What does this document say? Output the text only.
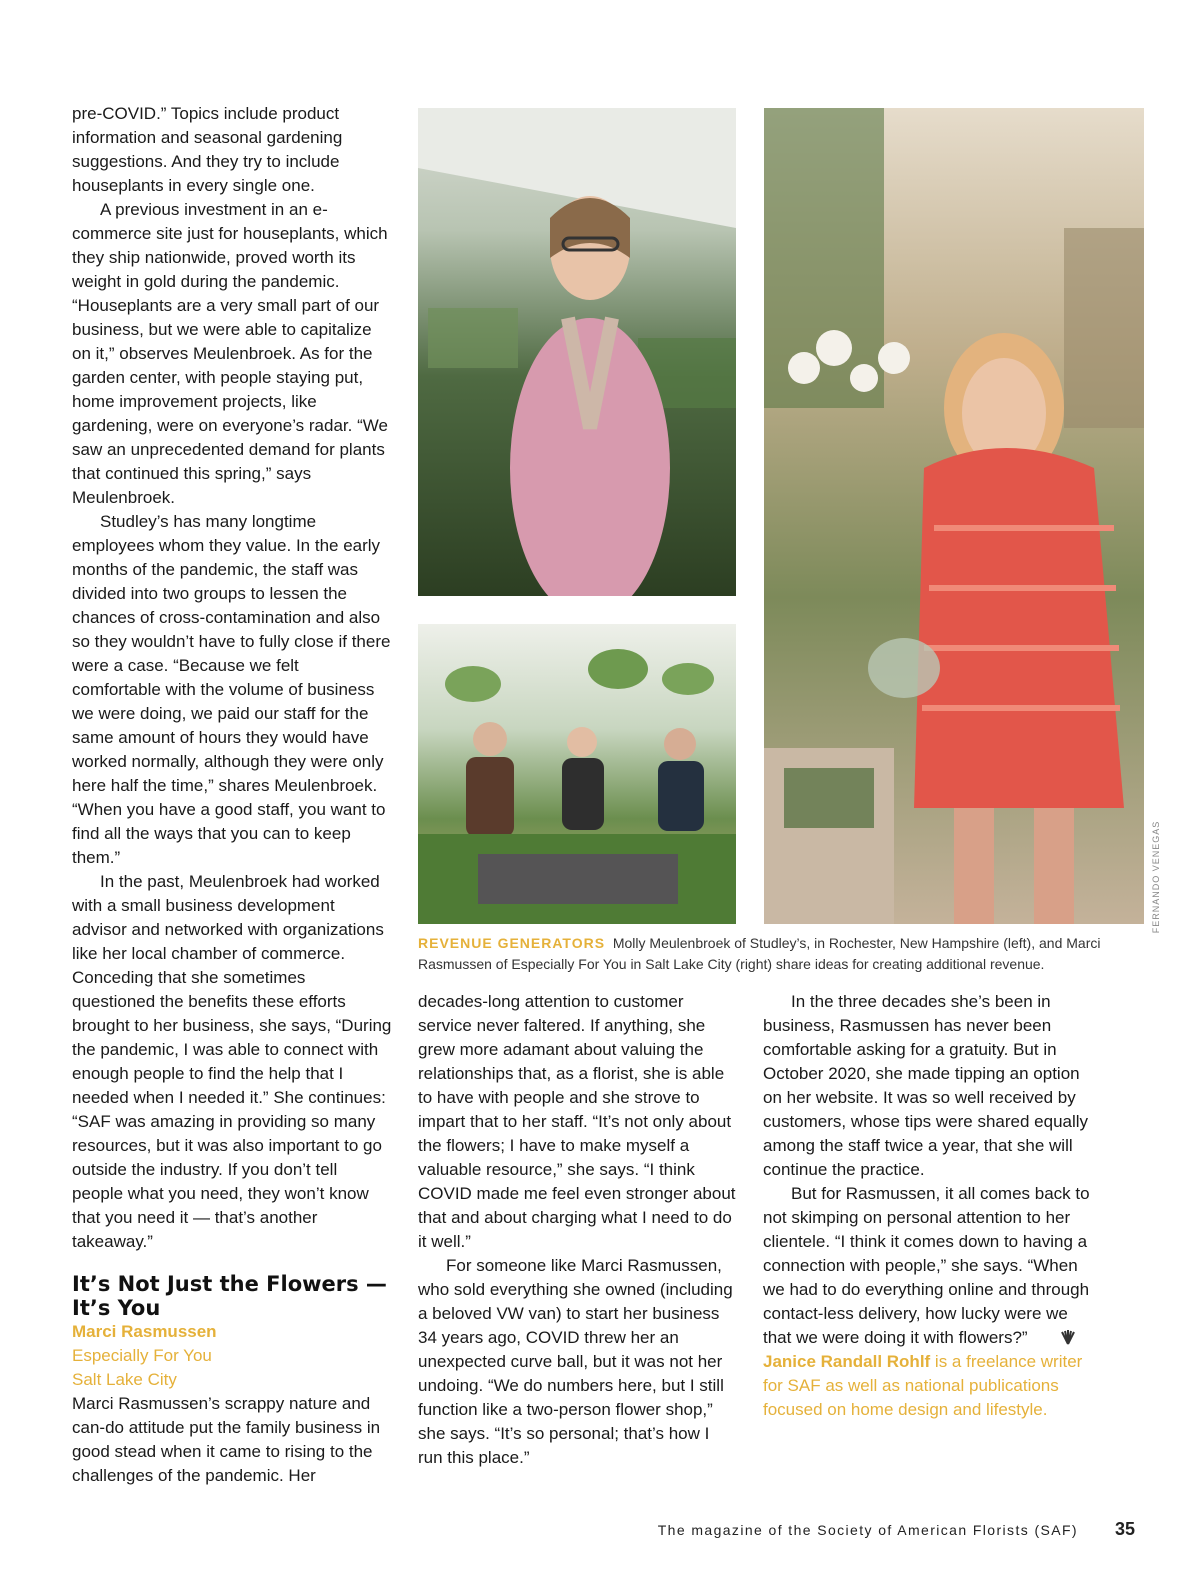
pre-COVID.” Topics include product information and seasonal gardening suggestions. And they try to include houseplants in every single one.

A previous investment in an e-commerce site just for houseplants, which they ship nationwide, proved worth its weight in gold during the pandemic. “Houseplants are a very small part of our business, but we were able to capitalize on it,” observes Meulenbroek. As for the garden center, with people staying put, home improvement projects, like gardening, were on everyone’s radar. “We saw an unprecedented demand for plants that continued this spring,” says Meulenbroek.

Studley’s has many longtime employees whom they value. In the early months of the pandemic, the staff was divided into two groups to lessen the chances of cross-contamination and also so they wouldn’t have to fully close if there were a case. “Because we felt comfortable with the volume of business we were doing, we paid our staff for the same amount of hours they would have worked normally, although they were only here half the time,” shares Meulenbroek. “When you have a good staff, you want to find all the ways that you can to keep them.”

In the past, Meulenbroek had worked with a small business development advisor and networked with organizations like her local chamber of commerce. Conceding that she sometimes questioned the benefits these efforts brought to her business, she says, “During the pandemic, I was able to connect with enough people to find the help that I needed when I needed it.” She continues: “SAF was amazing in providing so many resources, but it was also important to go outside the industry. If you don’t tell people what you need, they won’t know that you need it — that’s another takeaway.”

It’s Not Just the Flowers — It’s You
Marci Rasmussen
Especially For You
Salt Lake City

Marci Rasmussen’s scrappy nature and can-do attitude put the family business in good stead when it came to rising to the challenges of the pandemic. Her

FERNANDO VENEGAS
REVENUE GENERATORS Molly Meulenbroek of Studley’s, in Rochester, New Hampshire (left), and Marci Rasmussen of Especially For You in Salt Lake City (right) share ideas for creating additional revenue.

decades-long attention to customer service never faltered. If anything, she grew more adamant about valuing the relationships that, as a florist, she is able to have with people and she strove to impart that to her staff. “It’s not only about the flowers; I have to make myself a valuable resource,” she says. “I think COVID made me feel even stronger about that and about charging what I need to do it well.”

For someone like Marci Rasmussen, who sold everything she owned (including a beloved VW van) to start her business 34 years ago, COVID threw her an unexpected curve ball, but it was not her undoing. “We do numbers here, but I still function like a two-person flower shop,” she says. “It’s so personal; that’s how I run this place.”

In the three decades she’s been in business, Rasmussen has never been comfortable asking for a gratuity. But in October 2020, she made tipping an option on her website. It was so well received by customers, whose tips were shared equally among the staff twice a year, that she will continue the practice.

But for Rasmussen, it all comes back to not skimping on personal attention to her clientele. “I think it comes down to having a connection with people,” she says. “When we had to do everything online and through contact-less delivery, how lucky were we that we were doing it with flowers?”

Janice Randall Rohlf is a freelance writer for SAF as well as national publications focused on home design and lifestyle.

The magazine of the Society of American Florists (SAF) 35
